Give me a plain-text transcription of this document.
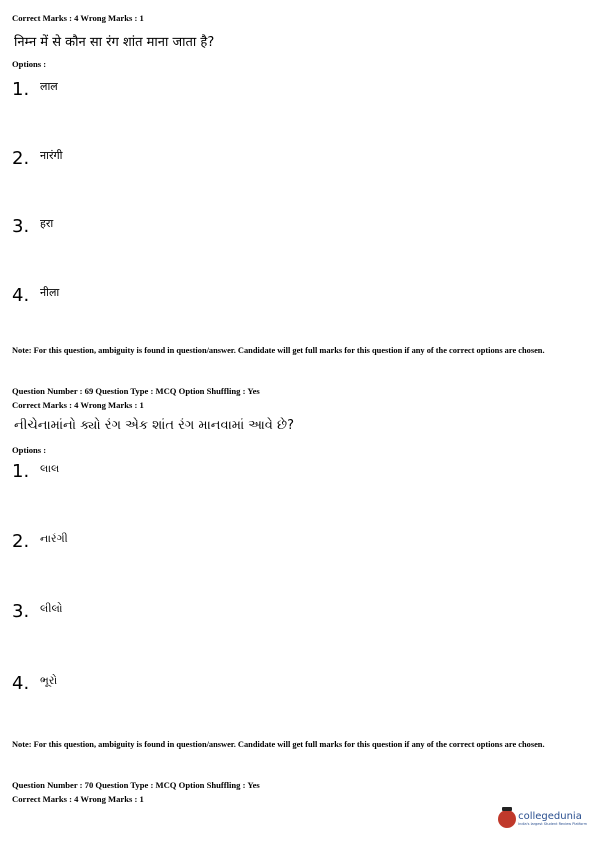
Correct Marks : 4 Wrong Marks : 1
निम्न में से कौन सा रंग शांत माना जाता है?
Options :
1. लाल
2. नारंगी
3. हरा
4. नीला
Note: For this question, ambiguity is found in question/answer. Candidate will get full marks for this question if any of the correct options are chosen.
Question Number : 69 Question Type : MCQ Option Shuffling : Yes
Correct Marks : 4 Wrong Marks : 1
નીચેનામાંનો ક્યો રંગ એક શાંત રંગ માનવામાં આવે છે?
Options :
1. લાલ
2. નારંગી
3. લીલો
4. ભૂરો
Note: For this question, ambiguity is found in question/answer. Candidate will get full marks for this question if any of the correct options are chosen.
Question Number : 70 Question Type : MCQ Option Shuffling : Yes
Correct Marks : 4 Wrong Marks : 1
collegedunia
India's largest Student Review Platform
